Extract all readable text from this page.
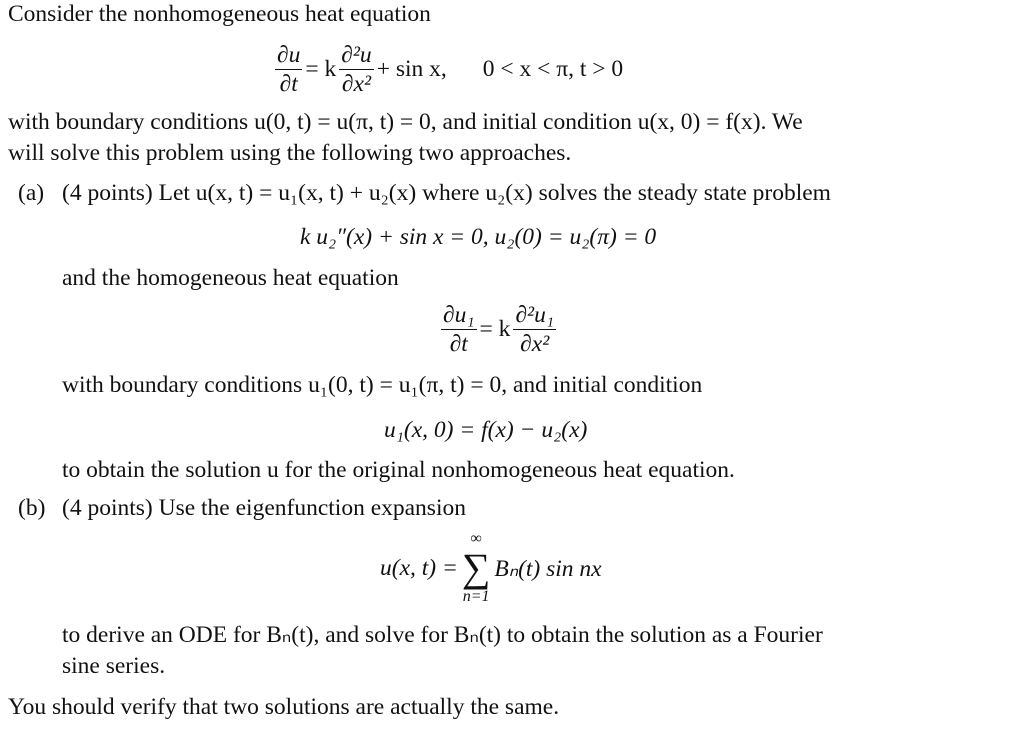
Consider the nonhomogeneous heat equation
$\frac{\partial u}{\partial t} = k \frac{\text{∂²u}}{\text{∂x²}} + \sin x$, 0 < x < π, t > 0
with boundary conditions u(0, t) = u(π, t) = 0, and initial condition u(x, 0) = f(x). We
will solve this problem using the following two approaches.
(a) (4 points) Let u(x, t) = u₁(x, t) + u₂(x) where u₂(x) solves the steady state problem
k u₂″(x) + sin x = 0, u₂(0) = u₂(π) = 0
and the homogeneous heat equation
$\frac{\text{∂u₁}}{\partial t} = k \frac{\text{∂²u₁}}{\text{∂x²}}$
with boundary conditions u₁(0, t) = u₁(π, t) = 0, and initial condition
u₁(x, 0) = f(x) − u₂(x)
to obtain the solution u for the original nonhomogeneous heat equation.
(b) (4 points) Use the eigenfunction expansion
u(x, t) =
∞
∑
n=1
Bₙ(t) sin nx
to derive an ODE for Bₙ(t), and solve for Bₙ(t) to obtain the solution as a Fourier
sine series.
You should verify that two solutions are actually the same.
